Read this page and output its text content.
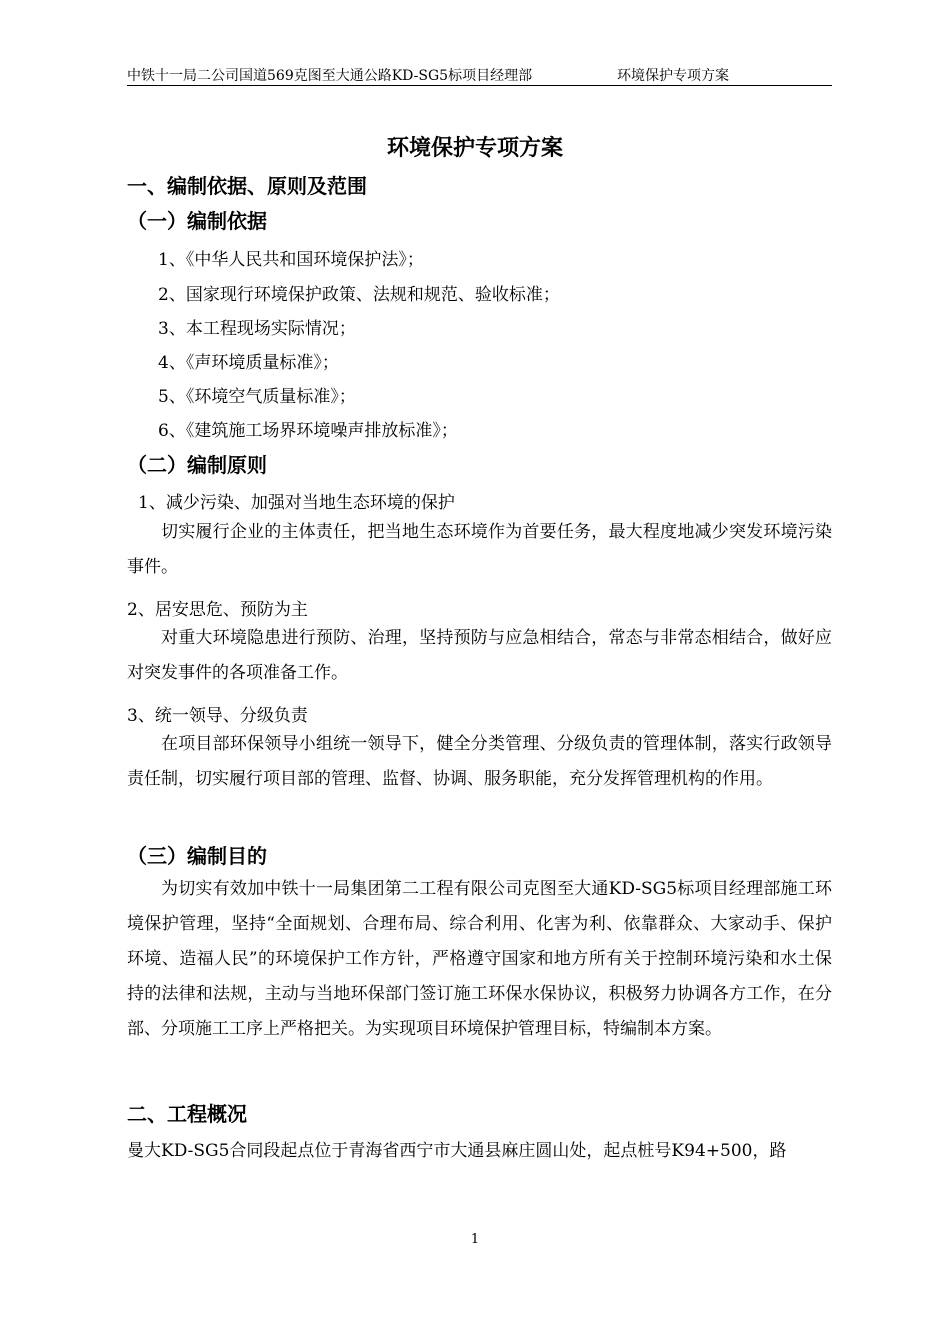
中铁十一局二公司国道569克图至大通公路KD-SG5标项目经理部	环境保护专项方案
环境保护专项方案
一、编制依据、原则及范围
（一）编制依据
1、《中华人民共和国环境保护法》；
2、国家现行环境保护政策、法规和规范、验收标准；
3、本工程现场实际情况；
4、《声环境质量标准》；
5、《环境空气质量标准》；
6、《建筑施工场界环境噪声排放标准》；
（二）编制原则
1、减少污染、加强对当地生态环境的保护
切实履行企业的主体责任，把当地生态环境作为首要任务，最大程度地减少突发环境污染事件。
2、居安思危、预防为主
对重大环境隐患进行预防、治理，坚持预防与应急相结合，常态与非常态相结合，做好应对突发事件的各项准备工作。
3、统一领导、分级负责
在项目部环保领导小组统一领导下，健全分类管理、分级负责的管理体制，落实行政领导责任制，切实履行项目部的管理、监督、协调、服务职能，充分发挥管理机构的作用。
（三）编制目的
为切实有效加中铁十一局集团第二工程有限公司克图至大通KD-SG5标项目经理部施工环境保护管理，坚持“全面规划、合理布局、综合利用、化害为利、依靠群众、大家动手、保护环境、造福人民”的环境保护工作方针，严格遵守国家和地方所有关于控制环境污染和水土保持的法律和法规，主动与当地环保部门签订施工环保水保协议，积极努力协调各方工作，在分部、分项施工工序上严格把关。为实现项目环境保护管理目标，特编制本方案。
二、工程概况
曼大KD-SG5合同段起点位于青海省西宁市大通县麻庄圆山处，起点桩号K94+500，路
1
